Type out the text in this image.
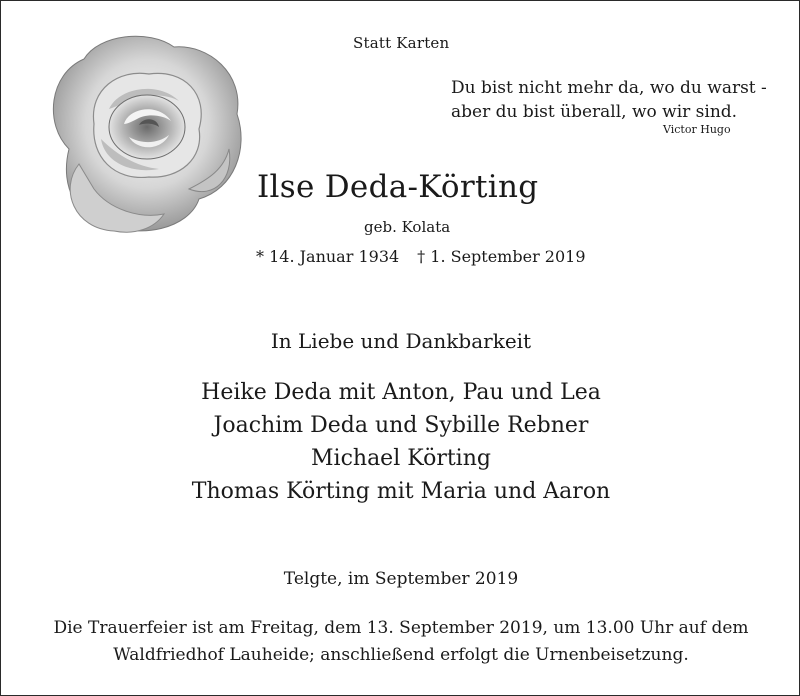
Statt Karten
Du bist nicht mehr da, wo du warst -
aber du bist überall, wo wir sind.
Victor Hugo
Ilse Deda-Körting
geb. Kolata
* 14. Januar 1934 † 1. September 2019
In Liebe und Dankbarkeit
Heike Deda mit Anton, Pau und Lea
Joachim Deda und Sybille Rebner
Michael Körting
Thomas Körting mit Maria und Aaron
Telgte, im September 2019
Die Trauerfeier ist am Freitag, dem 13. September 2019, um 13.00 Uhr auf dem
Waldfriedhof Lauheide; anschließend erfolgt die Urnenbeisetzung.
